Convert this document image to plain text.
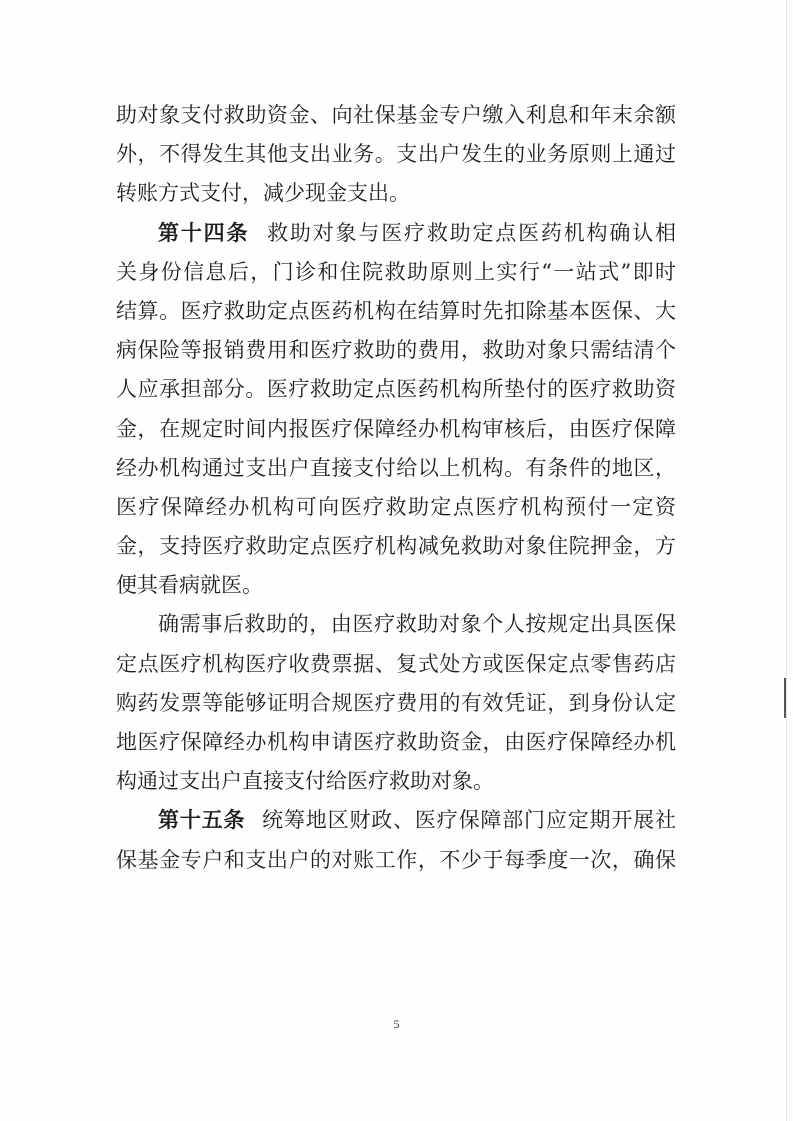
助对象支付救助资金、向社保基金专户缴入利息和年末余额
外，不得发生其他支出业务。支出户发生的业务原则上通过
转账方式支付，减少现金支出。
第十四条 救助对象与医疗救助定点医药机构确认相
关身份信息后，门诊和住院救助原则上实行“一站式”即时
结算。医疗救助定点医药机构在结算时先扣除基本医保、大
病保险等报销费用和医疗救助的费用，救助对象只需结清个
人应承担部分。医疗救助定点医药机构所垫付的医疗救助资
金，在规定时间内报医疗保障经办机构审核后，由医疗保障
经办机构通过支出户直接支付给以上机构。有条件的地区，
医疗保障经办机构可向医疗救助定点医疗机构预付一定资
金，支持医疗救助定点医疗机构减免救助对象住院押金，方
便其看病就医。
确需事后救助的，由医疗救助对象个人按规定出具医保
定点医疗机构医疗收费票据、复式处方或医保定点零售药店
购药发票等能够证明合规医疗费用的有效凭证，到身份认定
地医疗保障经办机构申请医疗救助资金，由医疗保障经办机
构通过支出户直接支付给医疗救助对象。
第十五条 统筹地区财政、医疗保障部门应定期开展社
保基金专户和支出户的对账工作，不少于每季度一次，确保
5
